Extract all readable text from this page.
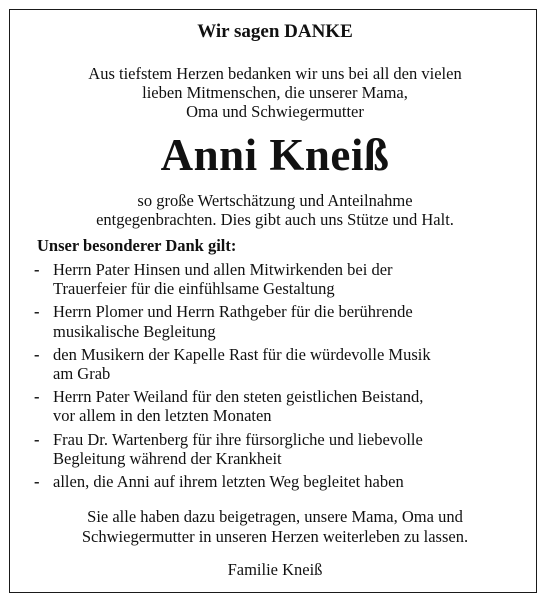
Wir sagen DANKE
Aus tiefstem Herzen bedanken wir uns bei all den vielen
lieben Mitmenschen, die unserer Mama,
Oma und Schwiegermutter
Anni Kneiß
so große Wertschätzung und Anteilnahme
entgegenbrachten. Dies gibt auch uns Stütze und Halt.
Unser besonderer Dank gilt:
- Herrn Pater Hinsen und allen Mitwirkenden bei der
Trauerfeier für die einfühlsame Gestaltung
- Herrn Plomer und Herrn Rathgeber für die berührende
musikalische Begleitung
- den Musikern der Kapelle Rast für die würdevolle Musik
am Grab
- Herrn Pater Weiland für den steten geistlichen Beistand,
vor allem in den letzten Monaten
- Frau Dr. Wartenberg für ihre fürsorgliche und liebevolle
Begleitung während der Krankheit
- allen, die Anni auf ihrem letzten Weg begleitet haben
Sie alle haben dazu beigetragen, unsere Mama, Oma und
Schwiegermutter in unseren Herzen weiterleben zu lassen.
Familie Kneiß
